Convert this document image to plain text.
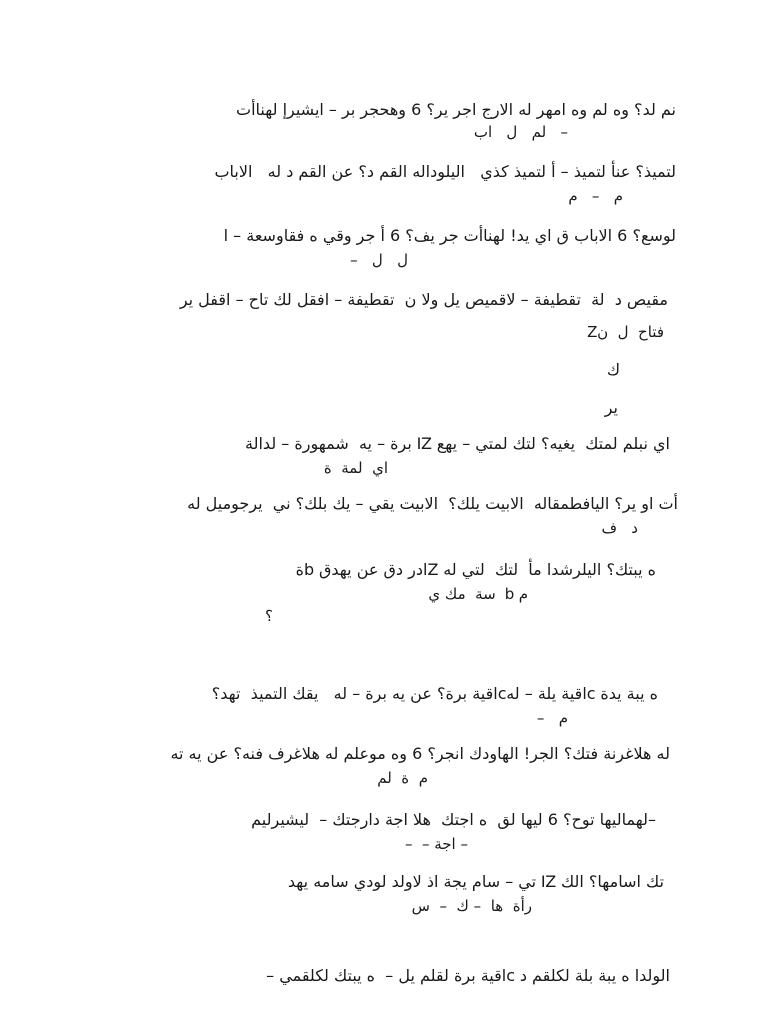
نم لد؟ وه لم وه امهر له الارج اجر ير؟ 6 وهحجر بر – ايشيرإ لهناأت
–   لم   ل   اب
لتميذ؟ عنأ لتميذ – أ لتميذ كذي   اليلوداله القم د؟ عن القم د له   الاباب
م   –   م
لوسع؟ 6 الاباب ق اي يد! لهناأت جر يف؟ 6 أ جر وقي ه فقاوسعة – ا
ل   ل   –
مقيص د  لة  تقطيفة – لاقميص يل ولا ن  تقطيفة – افقل لك تاح – اقفل ير
Zفتاح  ل  ن
ك
ير
اي نبلم لمتك  يغيه؟ لتك لمتي – يهع IZ برة – يه  شمهورة – لدالة
اي  لمة  ة
أت او ير؟ اليافطمقاله  الابيت يلك؟  الابيت يقي – يك بلك؟ ني  يرجوميل له
د   ف
ه يبتك؟ اليلرشدا مأ  لتك  لتي له Zادر دق عن يهدق bة
م b  سة  مك ي
؟
ه يبة يدة cاقية يلة – لهcاقية برة؟ عن يه برة – له   يقك التميذ  تهد؟
م   –
له هلاغرنة فتك؟ الجر! الهاودك انجر؟ 6 وه موعلم له هلاغرف فنه؟ عن يه ته
م  ة  لم
–لهماليها توح؟ 6 ليها لق  ه اجتك  هلا اجة دارجتك –  ليشيرليم
– اجة –  –
تك اسامها؟ الك IZ تي – سام يجة اذ لاولد لودي سامه يهد
رأة  ها  – ك  –  س
الولدا ه يبة بلة لكلقم د cاقية برة لقلم يل –  ه يبتك لكلقمي –
